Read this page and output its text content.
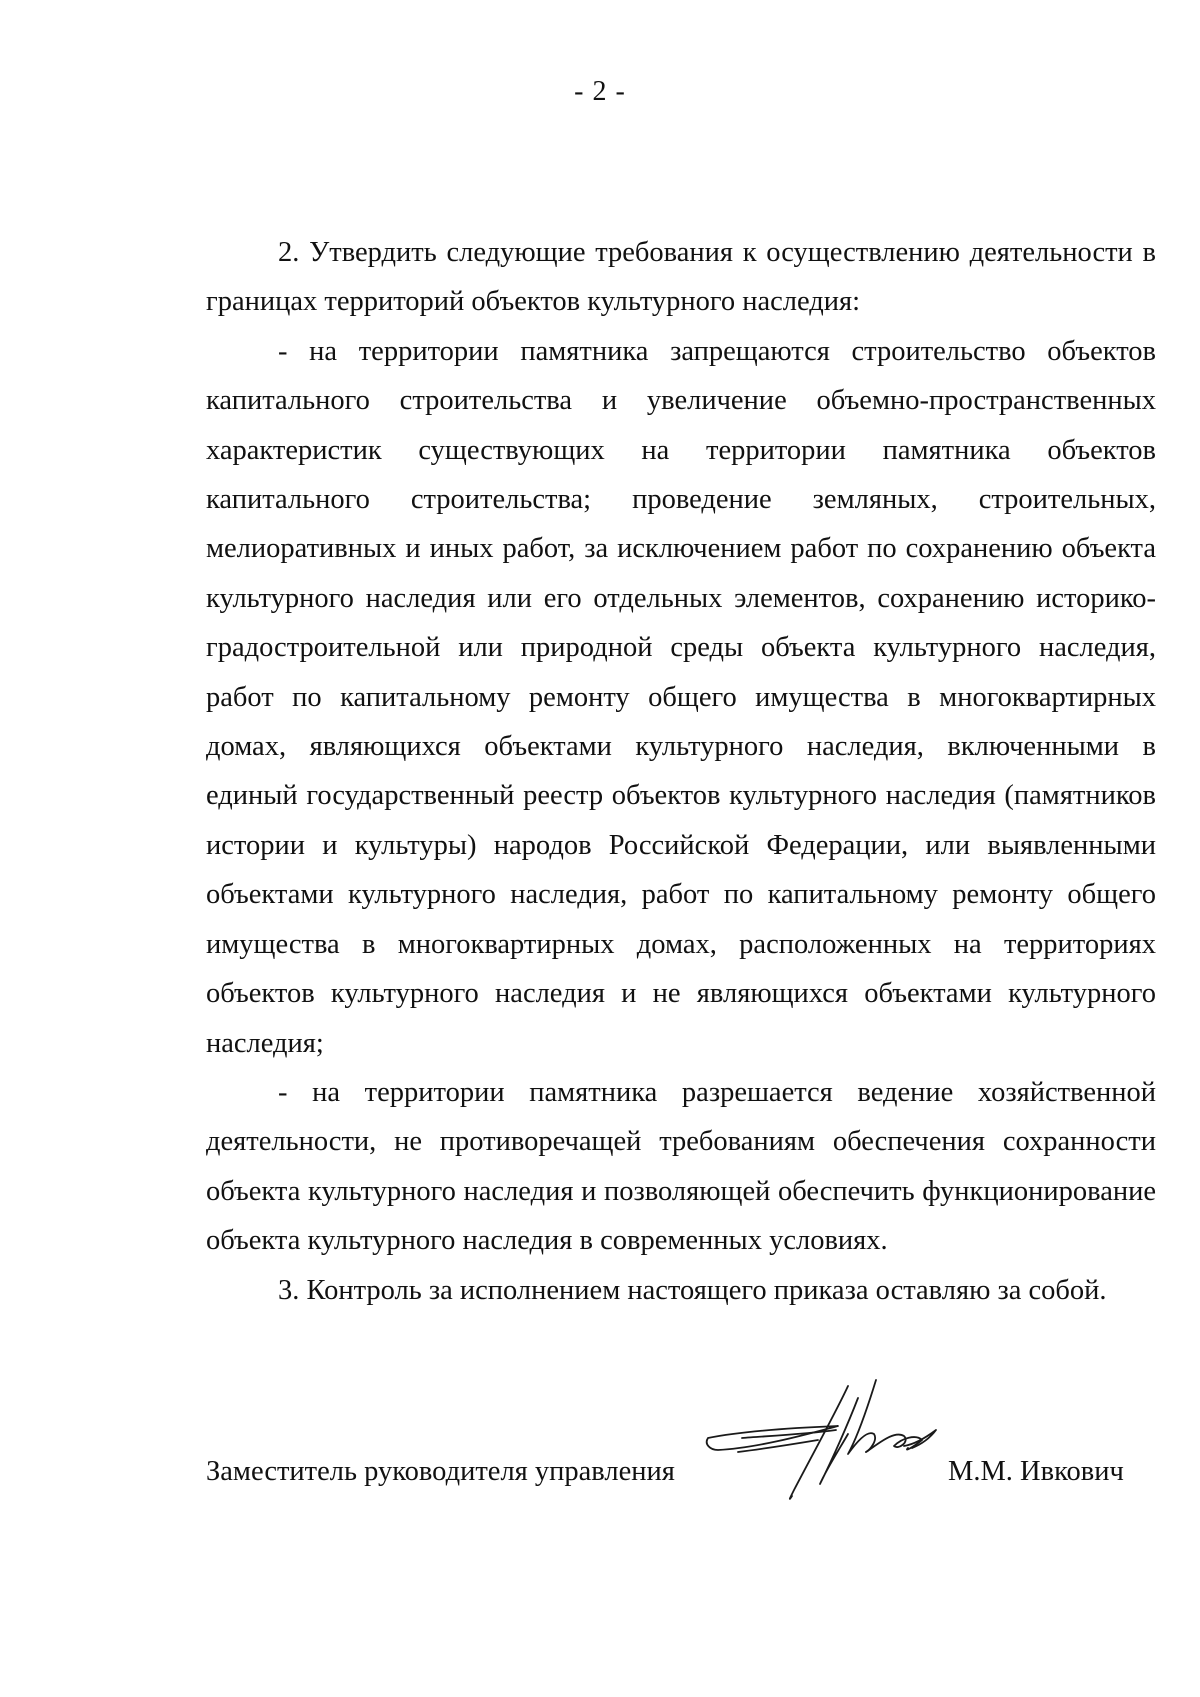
- 2 -

2. Утвердить следующие требования к осуществлению деятельности в границах территорий объектов культурного наследия:

- на территории памятника запрещаются строительство объектов капитального строительства и увеличение объемно-пространственных характеристик существующих на территории памятника объектов капитального строительства; проведение земляных, строительных, мелиоративных и иных работ, за исключением работ по сохранению объекта культурного наследия или его отдельных элементов, сохранению историко-градостроительной или природной среды объекта культурного наследия, работ по капитальному ремонту общего имущества в многоквартирных домах, являющихся объектами культурного наследия, включенными в единый государственный реестр объектов культурного наследия (памятников истории и культуры) народов Российской Федерации, или выявленными объектами культурного наследия, работ по капитальному ремонту общего имущества в многоквартирных домах, расположенных на территориях объектов культурного наследия и не являющихся объектами культурного наследия;

- на территории памятника разрешается ведение хозяйственной деятельности, не противоречащей требованиям обеспечения сохранности объекта культурного наследия и позволяющей обеспечить функционирование объекта культурного наследия в современных условиях.

3. Контроль за исполнением настоящего приказа оставляю за собой.

Заместитель руководителя управления	М.М. Ивкович
